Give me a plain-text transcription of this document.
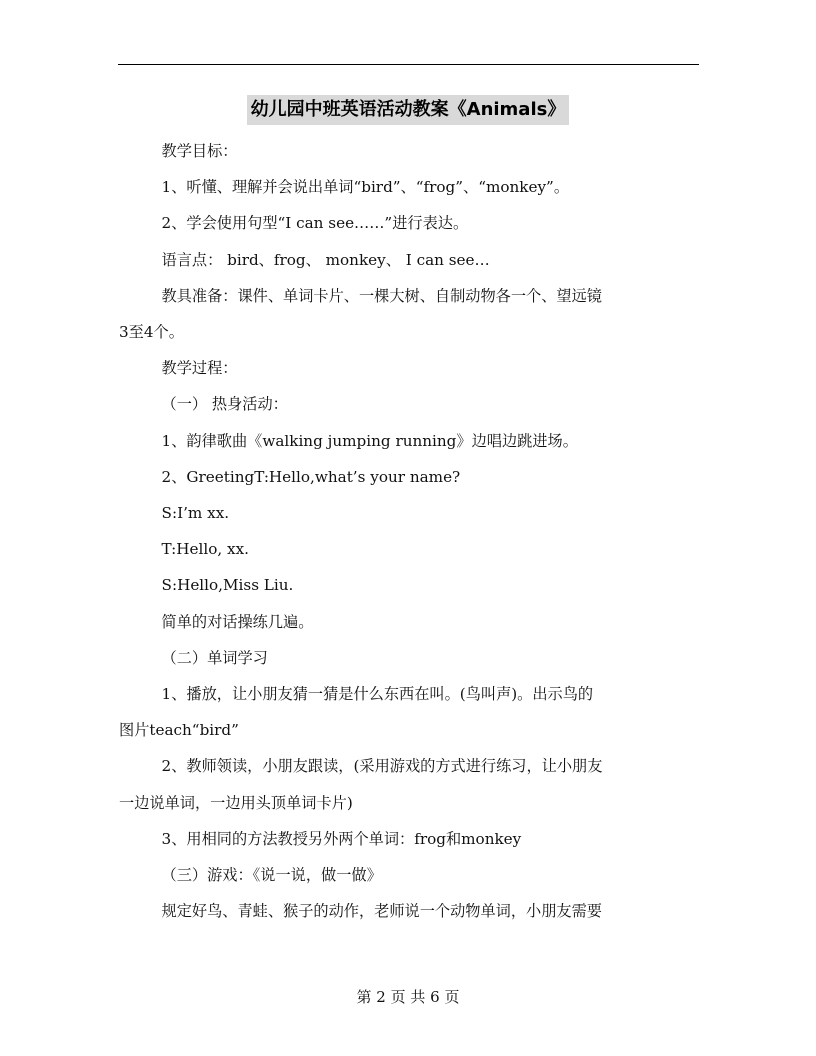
幼儿园中班英语活动教案《Animals》

教学目标：

1、听懂、理解并会说出单词“bird”、“frog”、“monkey”。

2、学会使用句型“I can see……”进行表达。

语言点： bird、frog、 monkey、 I can see…

教具准备：课件、单词卡片、一棵大树、自制动物各一个、望远镜
3至4个。

教学过程：

（一） 热身活动：

1、韵律歌曲《walking jumping running》边唱边跳进场。

2、GreetingT:Hello,what’s your name?

S:I’m xx.

T:Hello, xx.

S:Hello,Miss Liu.

简单的对话操练几遍。

（二）单词学习

1、播放，让小朋友猜一猜是什么东西在叫。(鸟叫声)。出示鸟的
图片teach“bird”

2、教师领读，小朋友跟读，(采用游戏的方式进行练习，让小朋友
一边说单词，一边用头顶单词卡片)

3、用相同的方法教授另外两个单词：frog和monkey

（三）游戏：《说一说，做一做》

规定好鸟、青蛙、猴子的动作，老师说一个动物单词，小朋友需要

第 2 页 共 6 页
